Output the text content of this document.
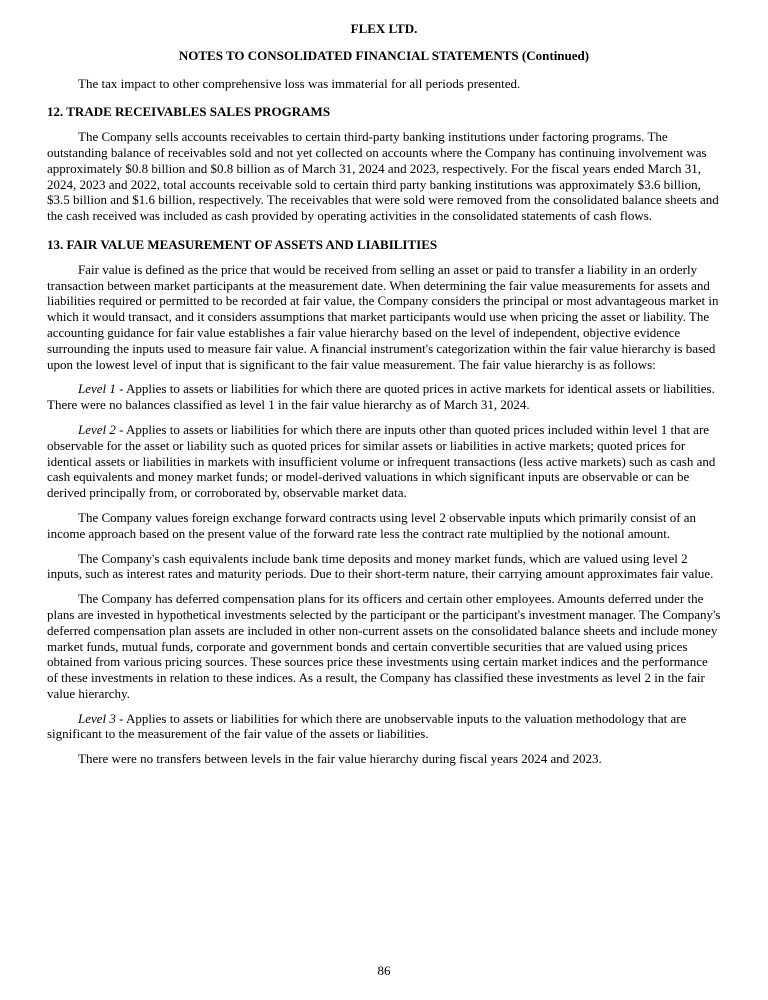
FLEX LTD.
NOTES TO CONSOLIDATED FINANCIAL STATEMENTS (Continued)

The tax impact to other comprehensive loss was immaterial for all periods presented.

12. TRADE RECEIVABLES SALES PROGRAMS

The Company sells accounts receivables to certain third-party banking institutions under factoring programs. The outstanding balance of receivables sold and not yet collected on accounts where the Company has continuing involvement was approximately $0.8 billion and $0.8 billion as of March 31, 2024 and 2023, respectively. For the fiscal years ended March 31, 2024, 2023 and 2022, total accounts receivable sold to certain third party banking institutions was approximately $3.6 billion, $3.5 billion and $1.6 billion, respectively. The receivables that were sold were removed from the consolidated balance sheets and the cash received was included as cash provided by operating activities in the consolidated statements of cash flows.

13. FAIR VALUE MEASUREMENT OF ASSETS AND LIABILITIES

Fair value is defined as the price that would be received from selling an asset or paid to transfer a liability in an orderly transaction between market participants at the measurement date. When determining the fair value measurements for assets and liabilities required or permitted to be recorded at fair value, the Company considers the principal or most advantageous market in which it would transact, and it considers assumptions that market participants would use when pricing the asset or liability. The accounting guidance for fair value establishes a fair value hierarchy based on the level of independent, objective evidence surrounding the inputs used to measure fair value. A financial instrument's categorization within the fair value hierarchy is based upon the lowest level of input that is significant to the fair value measurement. The fair value hierarchy is as follows:

Level 1 - Applies to assets or liabilities for which there are quoted prices in active markets for identical assets or liabilities. There were no balances classified as level 1 in the fair value hierarchy as of March 31, 2024.

Level 2 - Applies to assets or liabilities for which there are inputs other than quoted prices included within level 1 that are observable for the asset or liability such as quoted prices for similar assets or liabilities in active markets; quoted prices for identical assets or liabilities in markets with insufficient volume or infrequent transactions (less active markets) such as cash and cash equivalents and money market funds; or model-derived valuations in which significant inputs are observable or can be derived principally from, or corroborated by, observable market data.

The Company values foreign exchange forward contracts using level 2 observable inputs which primarily consist of an income approach based on the present value of the forward rate less the contract rate multiplied by the notional amount.

The Company's cash equivalents include bank time deposits and money market funds, which are valued using level 2 inputs, such as interest rates and maturity periods. Due to their short-term nature, their carrying amount approximates fair value.

The Company has deferred compensation plans for its officers and certain other employees. Amounts deferred under the plans are invested in hypothetical investments selected by the participant or the participant's investment manager. The Company's deferred compensation plan assets are included in other non-current assets on the consolidated balance sheets and include money market funds, mutual funds, corporate and government bonds and certain convertible securities that are valued using prices obtained from various pricing sources. These sources price these investments using certain market indices and the performance of these investments in relation to these indices. As a result, the Company has classified these investments as level 2 in the fair value hierarchy.

Level 3 - Applies to assets or liabilities for which there are unobservable inputs to the valuation methodology that are significant to the measurement of the fair value of the assets or liabilities.

There were no transfers between levels in the fair value hierarchy during fiscal years 2024 and 2023.

86
